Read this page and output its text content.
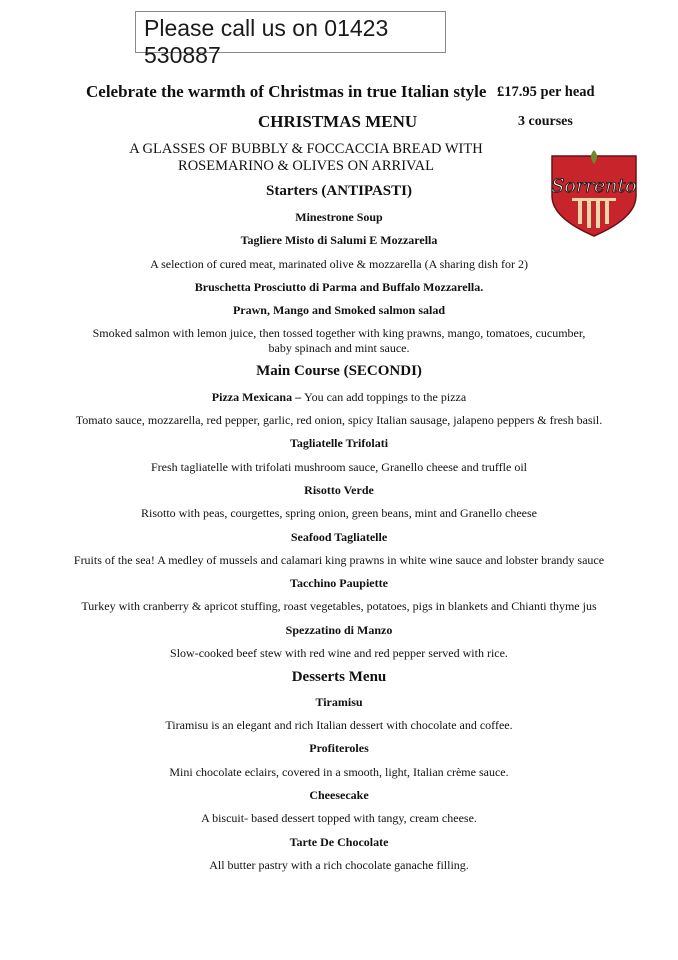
Please call us on 01423 530887
Celebrate the warmth of Christmas in true Italian style £17.95 per head
CHRISTMAS MENU	3 courses
A GLASSES OF BUBBLY & FOCCACCIA BREAD WITH ROSEMARINO & OLIVES ON ARRIVAL
Sorrento
Starters (ANTIPASTI)
Minestrone Soup
Tagliere Misto di Salumi E Mozzarella
A selection of cured meat, marinated olive & mozzarella (A sharing dish for 2)
Bruschetta Prosciutto di Parma and Buffalo Mozzarella.
Prawn, Mango and Smoked salmon salad
Smoked salmon with lemon juice, then tossed together with king prawns, mango, tomatoes, cucumber, baby spinach and mint sauce.
Main Course (SECONDI)
Pizza Mexicana – You can add toppings to the pizza
Tomato sauce, mozzarella, red pepper, garlic, red onion, spicy Italian sausage, jalapeno peppers & fresh basil.
Tagliatelle Trifolati
Fresh tagliatelle with trifolati mushroom sauce, Granello cheese and truffle oil
Risotto Verde
Risotto with peas, courgettes, spring onion, green beans, mint and Granello cheese
Seafood Tagliatelle
Fruits of the sea! A medley of mussels and calamari king prawns in white wine sauce and lobster brandy sauce
Tacchino Paupiette
Turkey with cranberry & apricot stuffing, roast vegetables, potatoes, pigs in blankets and Chianti thyme jus
Spezzatino di Manzo
Slow-cooked beef stew with red wine and red pepper served with rice.
Desserts Menu
Tiramisu
Tiramisu is an elegant and rich Italian dessert with chocolate and coffee.
Profiteroles
Mini chocolate eclairs, covered in a smooth, light, Italian crème sauce.
Cheesecake
A biscuit- based dessert topped with tangy, cream cheese.
Tarte De Chocolate
All butter pastry with a rich chocolate ganache filling.
